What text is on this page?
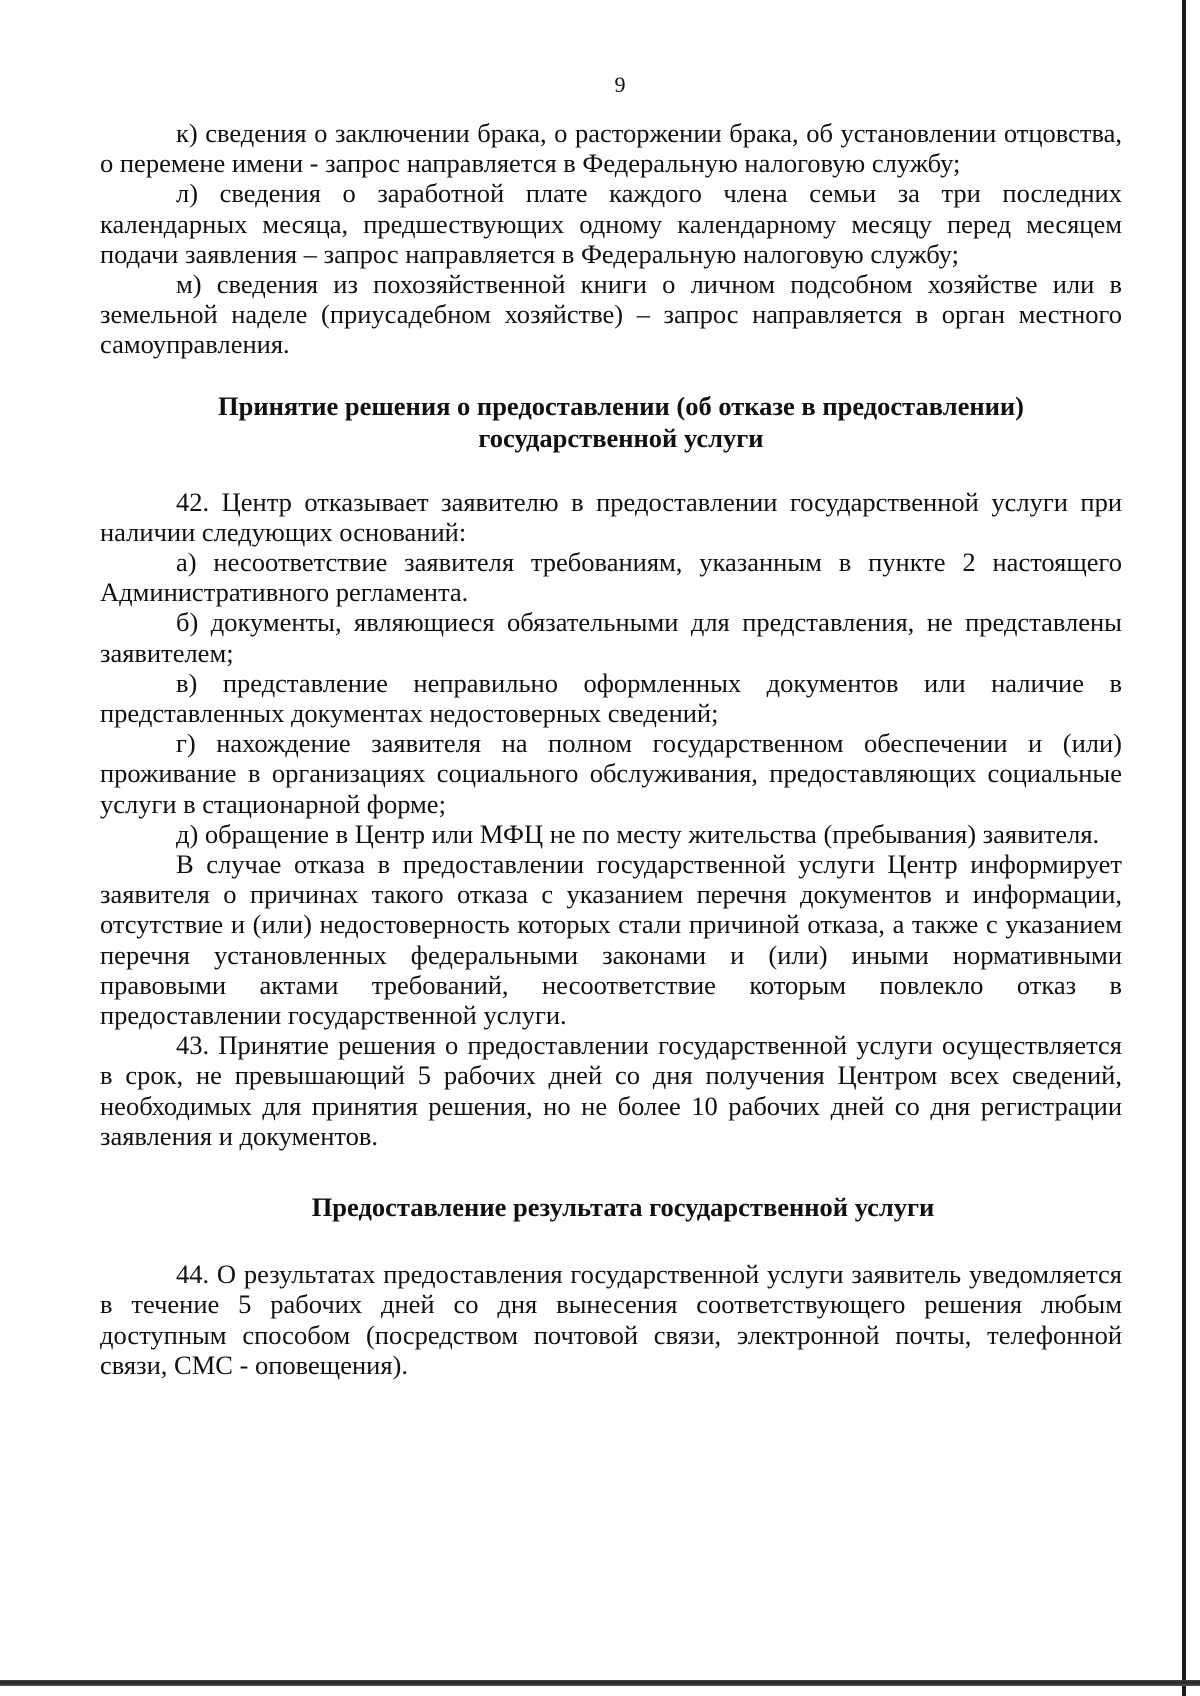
9

к) сведения о заключении брака, о расторжении брака, об установлении отцовства, о перемене имени - запрос направляется в Федеральную налоговую службу;

л) сведения о заработной плате каждого члена семьи за три последних календарных месяца, предшествующих одному календарному месяцу перед месяцем подачи заявления – запрос направляется в Федеральную налоговую службу;

м) сведения из похозяйственной книги о личном подсобном хозяйстве или в земельной наделе (приусадебном хозяйстве) – запрос направляется в орган местного самоуправления.

Принятие решения о предоставлении (об отказе в предоставлении)
государственной услуги

42. Центр отказывает заявителю в предоставлении государственной услуги при наличии следующих оснований:

а) несоответствие заявителя требованиям, указанным в пункте 2 настоящего Административного регламента.

б) документы, являющиеся обязательными для представления, не представлены заявителем;

в) представление неправильно оформленных документов или наличие в представленных документах недостоверных сведений;

г) нахождение заявителя на полном государственном обеспечении и (или) проживание в организациях социального обслуживания, предоставляющих социальные услуги в стационарной форме;

д) обращение в Центр или МФЦ не по месту жительства (пребывания) заявителя.

В случае отказа в предоставлении государственной услуги Центр информирует заявителя о причинах такого отказа с указанием перечня документов и информации, отсутствие и (или) недостоверность которых стали причиной отказа, а также с указанием перечня установленных федеральными законами и (или) иными нормативными правовыми актами требований, несоответствие которым повлекло отказ в предоставлении государственной услуги.

43. Принятие решения о предоставлении государственной услуги осуществляется в срок, не превышающий 5 рабочих дней со дня получения Центром всех сведений, необходимых для принятия решения, но не более 10 рабочих дней со дня регистрации заявления и документов.

Предоставление результата государственной услуги

44. О результатах предоставления государственной услуги заявитель уведомляется в течение 5 рабочих дней со дня вынесения соответствующего решения любым доступным способом (посредством почтовой связи, электронной почты, телефонной связи, СМС - оповещения).
